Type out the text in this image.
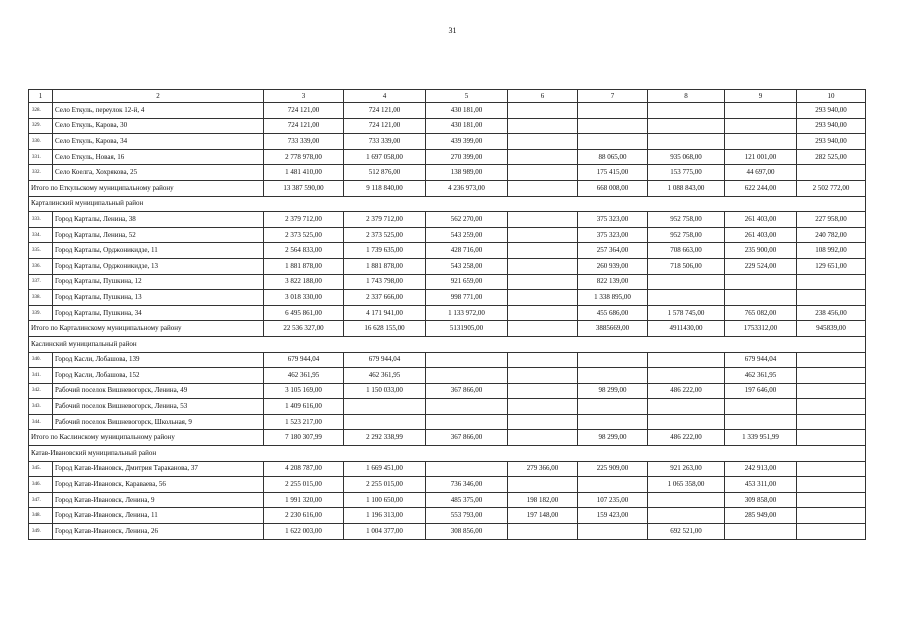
31
1	2	3	4	5	6	7	8	9	10
328.	Село Еткуль, переулок 12-й, 4	724 121,00	724 121,00	430 181,00					293 940,00
329.	Село Еткуль, Карова, 30	724 121,00	724 121,00	430 181,00					293 940,00
330.	Село Еткуль, Карова, 34	733 339,00	733 339,00	439 399,00					293 940,00
331.	Село Еткуль, Новая, 16	2 778 978,00	1 697 058,00	270 399,00		88 065,00	935 068,00	121 001,00	282 525,00
332.	Село Коелга, Хохрякова, 25	1 481 410,00	512 876,00	138 989,00		175 415,00	153 775,00	44 697,00	
Итого по Еткульскому муниципальному району		13 387 590,00	9 118 840,00	4 236 973,00		668 008,00	1 088 843,00	622 244,00	2 502 772,00
Карталинский муниципальный район									
333.	Город Карталы, Ленина, 38	2 379 712,00	2 379 712,00	562 270,00		375 323,00	952 758,00	261 403,00	227 958,00
334.	Город Карталы, Ленина, 52	2 373 525,00	2 373 525,00	543 259,00		375 323,00	952 758,00	261 403,00	240 782,00
335.	Город Карталы, Орджоникидзе, 11	2 564 833,00	1 739 635,00	428 716,00		257 364,00	708 663,00	235 900,00	108 992,00
336.	Город Карталы, Орджоникидзе, 13	1 881 878,00	1 881 878,00	543 258,00		260 939,00	718 506,00	229 524,00	129 651,00
337.	Город Карталы, Пушкина, 12	3 822 188,00	1 743 798,00	921 659,00		822 139,00			
338.	Город Карталы, Пушкина, 13	3 018 330,00	2 337 666,00	998 771,00		1 338 895,00			
339.	Город Карталы, Пушкина, 34	6 495 861,00	4 171 941,00	1 133 972,00		455 686,00	1 578 745,00	765 082,00	238 456,00
Итого по Карталинскому муниципальному району		22 536 327,00	16 628 155,00	5131905,00		3885669,00	4911430,00	1753312,00	945839,00
Каслинский муниципальный район									
340.	Город Касли, Лобашова, 139	679 944,04	679 944,04					679 944,04	
341.	Город Касли, Лобашова, 152	462 361,95	462 361,95					462 361,95	
342.	Рабочий поселок Вишневогорск, Ленина, 49	3 105 169,00	1 150 033,00	367 866,00		98 299,00	486 222,00	197 646,00	
343.	Рабочий поселок Вишневогорск, Ленина, 53	1 409 616,00							
344.	Рабочий поселок Вишневогорск, Школьная, 9	1 523 217,00							
Итого по Каслинскому муниципальному району		7 180 307,99	2 292 338,99	367 866,00		98 299,00	486 222,00	1 339 951,99	
Катав-Ивановский муниципальный район									
345.	Город Катав-Ивановск, Дмитрия Тараканова, 37	4 208 787,00	1 669 451,00		279 366,00	225 909,00	921 263,00	242 913,00	
346.	Город Катав-Ивановск, Караваева, 56	2 255 015,00	2 255 015,00	736 346,00			1 065 358,00	453 311,00	
347.	Город Катав-Ивановск, Ленина, 9	1 991 320,00	1 100 650,00	485 375,00	198 182,00	107 235,00		309 858,00	
348.	Город Катав-Ивановск, Ленина, 11	2 230 616,00	1 196 313,00	553 793,00	197 148,00	159 423,00		285 949,00	
349.	Город Катав-Ивановск, Ленина, 26	1 622 003,00	1 004 377,00	308 856,00			692 521,00		
